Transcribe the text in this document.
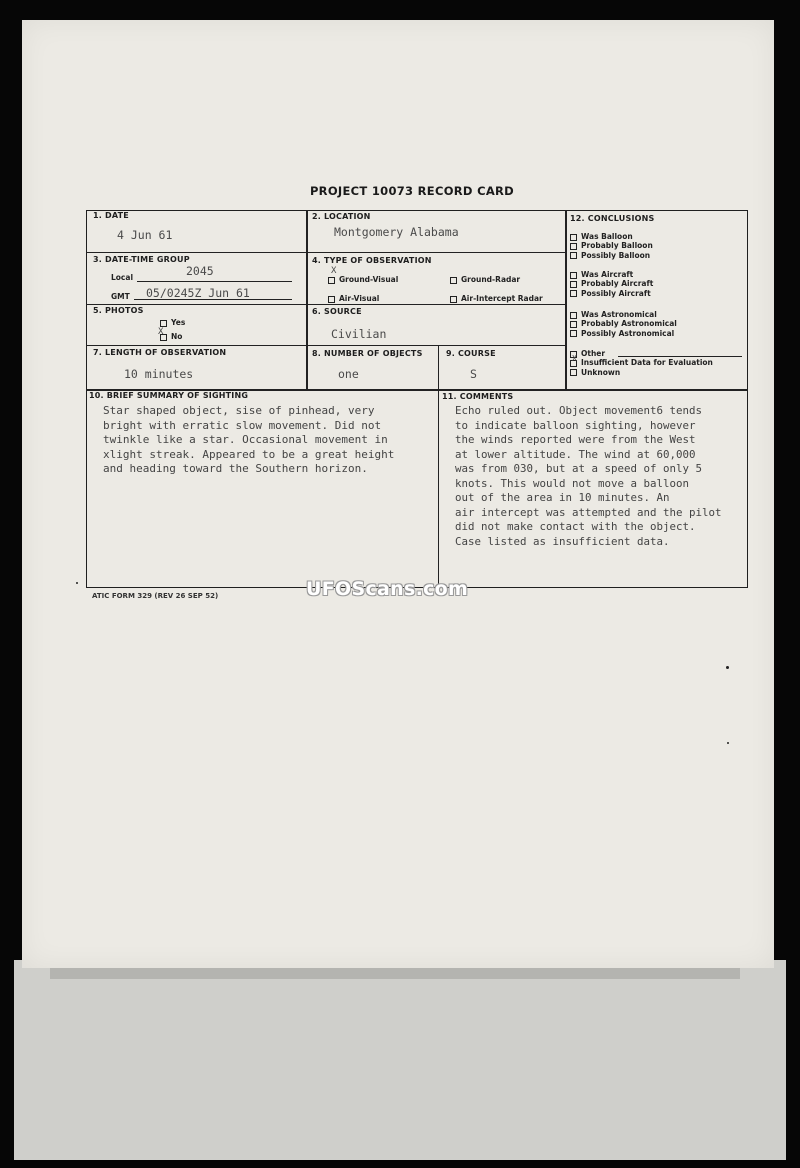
PROJECT 10073 RECORD CARD
1. DATE
4 Jun 61
2. LOCATION
Montgomery Alabama
3. DATE-TIME GROUP
Local	2045
GMT 05/0245Z Jun 61
4. TYPE OF OBSERVATION
Ground-Visual
X
Ground-Radar
Air-Visual	Air-Intercept Radar
5. PHOTOS
Yes
No
X
6. SOURCE
Civilian
7. LENGTH OF OBSERVATION
10 minutes
8. NUMBER OF OBJECTS
one
9. COURSE
S
12. CONCLUSIONS
Was Balloon
Probably Balloon
Possibly Balloon
Was Aircraft
Probably Aircraft
Possibly Aircraft
Was Astronomical
Probably Astronomical
Possibly Astronomical
Other
Insufficient Data for Evaluation
Unknown
X
10. BRIEF SUMMARY OF SIGHTING
Star shaped object, sise of pinhead, very
bright with erratic slow movement. Did not
twinkle like a star. Occasional movement in
xlight streak. Appeared to be a great height
and heading toward the Southern horizon.
11. COMMENTS
Echo ruled out. Object movement6 tends
to indicate balloon sighting, however
the winds reported were from the West
at lower altitude. The wind at 60,000
was from 030, but at a speed of only 5
knots. This would not move a balloon
out of the area in 10 minutes. An
air intercept was attempted and the pilot
did not make contact with the object.
Case listed as insufficient data.
UFOScans.com
ATIC FORM 329 (REV 26 SEP 52)
